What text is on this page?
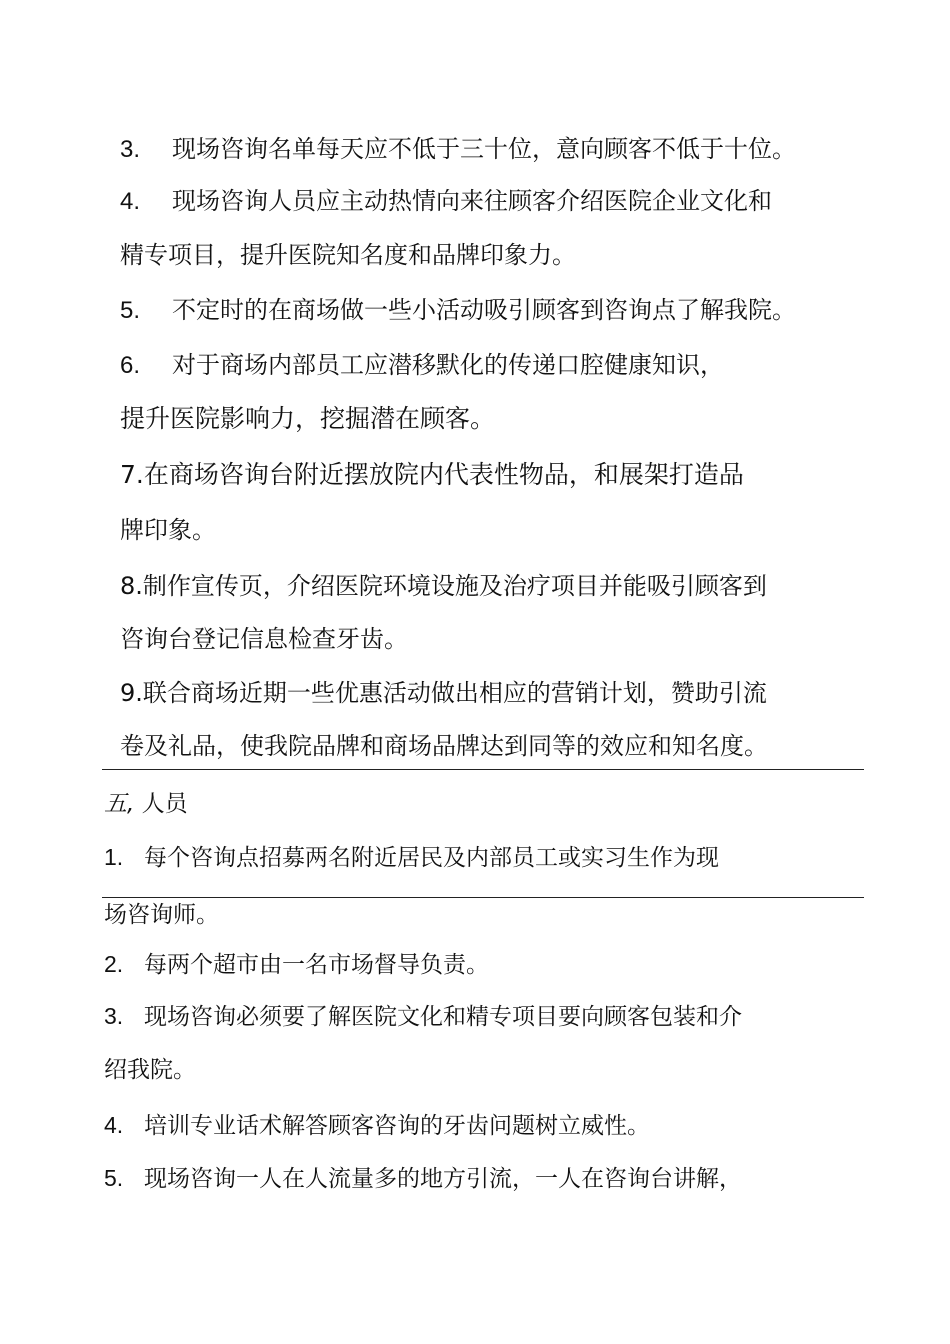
3. 现场咨询名单每天应不低于三十位，意向顾客不低于十位。
4. 现场咨询人员应主动热情向来往顾客介绍医院企业文化和
精专项目，提升医院知名度和品牌印象力。
5. 不定时的在商场做一些小活动吸引顾客到咨询点了解我院。
6. 对于商场内部员工应潜移默化的传递口腔健康知识，
提升医院影响力，挖掘潜在顾客。
7.在商场咨询台附近摆放院内代表性物品，和展架打造品
牌印象。
8.制作宣传页，介绍医院环境设施及治疗项目并能吸引顾客到
咨询台登记信息检查牙齿。
9.联合商场近期一些优惠活动做出相应的营销计划，赞助引流
卷及礼品，使我院品牌和商场品牌达到同等的效应和知名度。
五, 人员
1. 每个咨询点招募两名附近居民及内部员工或实习生作为现
场咨询师。
2. 每两个超市由一名市场督导负责。
3. 现场咨询必须要了解医院文化和精专项目要向顾客包装和介
绍我院。
4. 培训专业话术解答顾客咨询的牙齿问题树立威性。
5. 现场咨询一人在人流量多的地方引流，一人在咨询台讲解，
